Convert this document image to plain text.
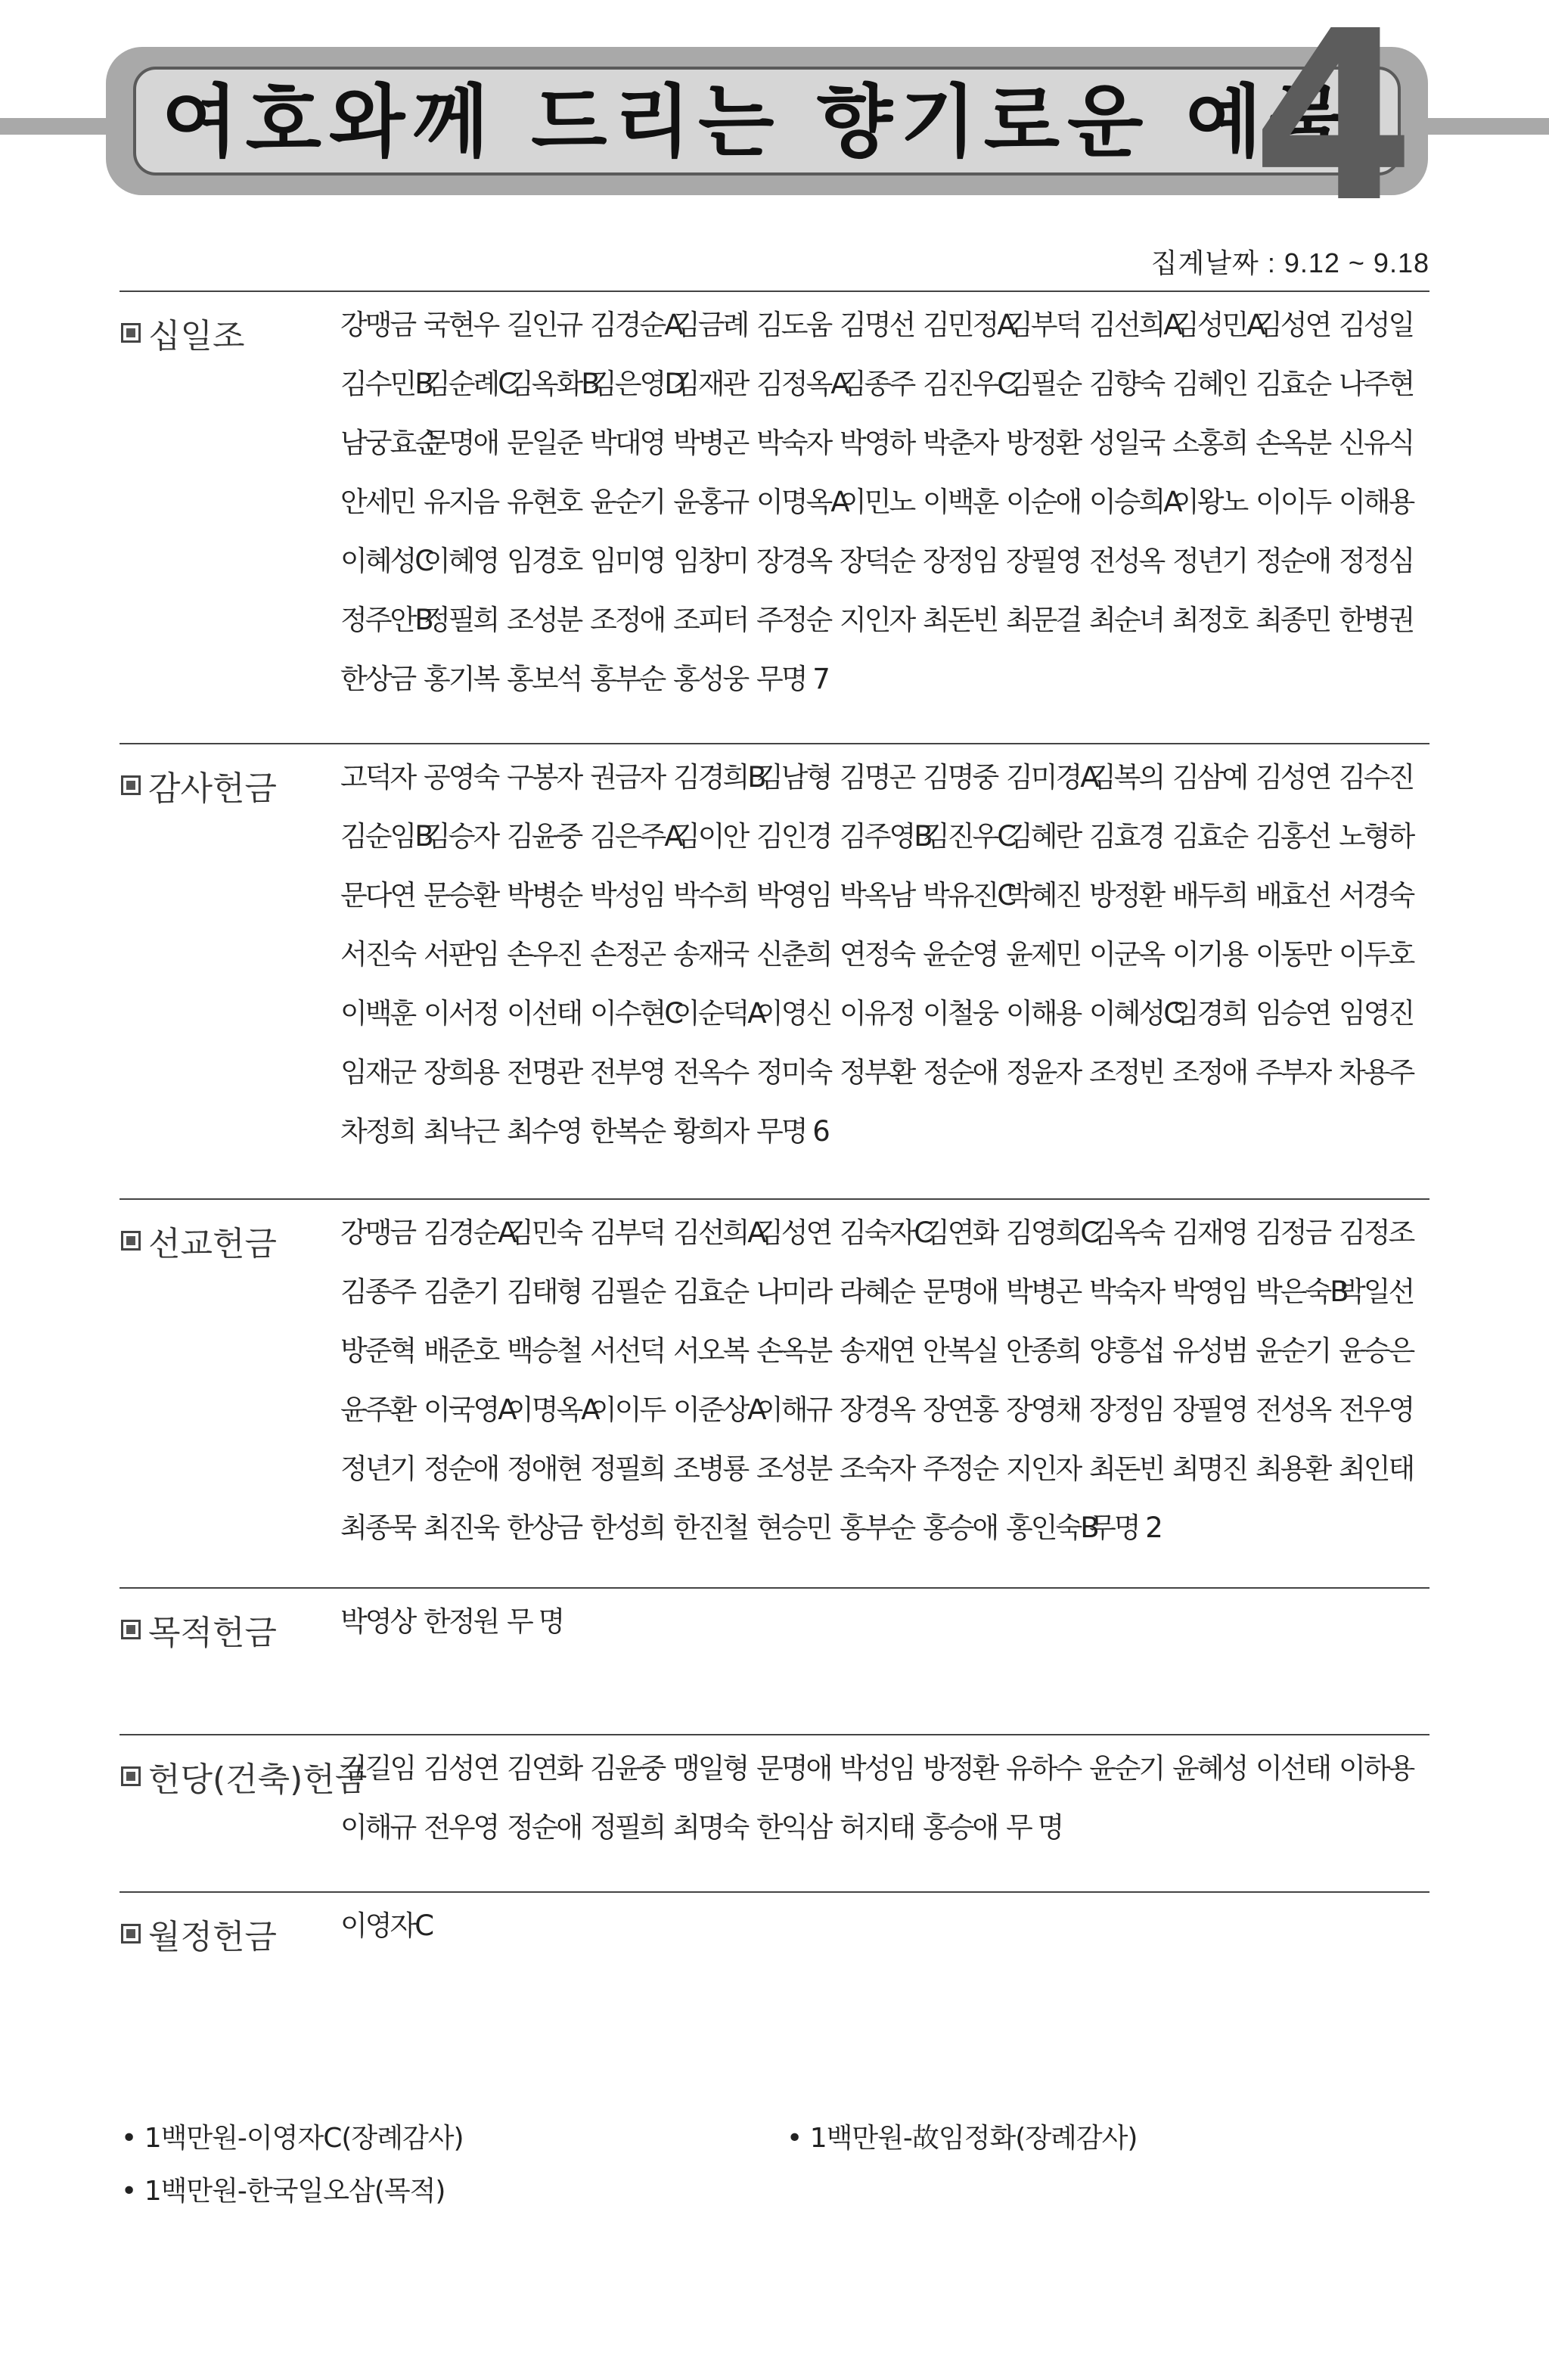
여호와께 드리는 향기로운 예물
4
집계날짜 : 9.12 ~ 9.18
십일조	강맹금 국현우 길인규 김경순A
김금례 김도움 김명선 김민정A
김부덕 김선희A
김성민A
김성연 김성일
김수민B
김순례C
김옥화B
김은영D
김재관 김정옥A
김종주 김진우C
김필순 김향숙 김혜인 김효순 나주현
남궁효순
문명애 문일준 박대영 박병곤 박숙자 박영하 박춘자 방정환 성일국 소홍희 손옥분 신유식
안세민 유지음 유현호 윤순기 윤홍규 이명옥A
이민노 이백훈 이순애 이승희A
이왕노 이이두 이해용
이혜성C
이혜영 임경호 임미영 임창미 장경옥 장덕순 장정임 장필영 전성옥 정년기 정순애 정정심
정주안B
정필희 조성분 조정애 조피터 주정순 지인자 최돈빈 최문걸 최순녀 최정호 최종민 한병권
한상금 홍기복 홍보석 홍부순 홍성웅 무명 7
감사헌금 고덕자 공영숙 구봉자 권금자 김경희B
김남형 김명곤 김명중 김미경A
김복의 김삼예 김성연 김수진
김순임B
김승자 김윤중 김은주A
김이안 김인경 김주영B
김진우C
김혜란 김효경 김효순 김홍선 노형하
문다연 문승환 박병순 박성임 박수희 박영임 박옥남 박유진C
박혜진 방정환 배두희 배효선 서경숙
서진숙 서판임 손우진 손정곤 송재국 신춘희 연정숙 윤순영 윤제민 이군옥 이기용 이동만 이두호
이백훈 이서정 이선태 이수현C
이순덕A
이영신 이유정 이철웅 이해용 이혜성C
임경희 임승연 임영진
임재군 장희용 전명관 전부영 전옥수 정미숙 정부환 정순애 정윤자 조정빈 조정애 주부자 차용주
차정희 최낙근 최수영 한복순 황희자 무명 6
선교헌금 강맹금 김경순A
김민숙 김부덕 김선희A
김성연 김숙자C
김연화 김영희C
김옥숙 김재영 김정금 김정조
김종주 김춘기 김태형 김필순 김효순 나미라 라혜순 문명애 박병곤 박숙자 박영임 박은숙B
박일선
방준혁 배준호 백승철 서선덕 서오복 손옥분 송재연 안복실 안종희 양흥섭 유성범 윤순기 윤승은
윤주환 이국영A
이명옥A
이이두 이준상A
이해규 장경옥 장연홍 장영채 장정임 장필영 전성옥 전우영
정년기 정순애 정애현 정필희 조병룡 조성분 조숙자 주정순 지인자 최돈빈 최명진 최용환 최인태
최종묵 최진욱 한상금 한성희 한진철 현승민 홍부순 홍승애 홍인숙B
무명 2
목적헌금 박영상 한정원 무 명
헌당(건축)헌금
김길임 김성연 김연화 김윤중 맹일형 문명애 박성임 방정환 유하수 윤순기 윤혜성 이선태 이하용
이해규 전우영 정순애 정필희 최명숙 한익삼 허지태 홍승애 무 명
월정헌금 이영자C
• 1백만원-이영자C(장례감사)
•	1백만원-故임정화(장례감사)
• 1백만원-한국일오삼(목적)
